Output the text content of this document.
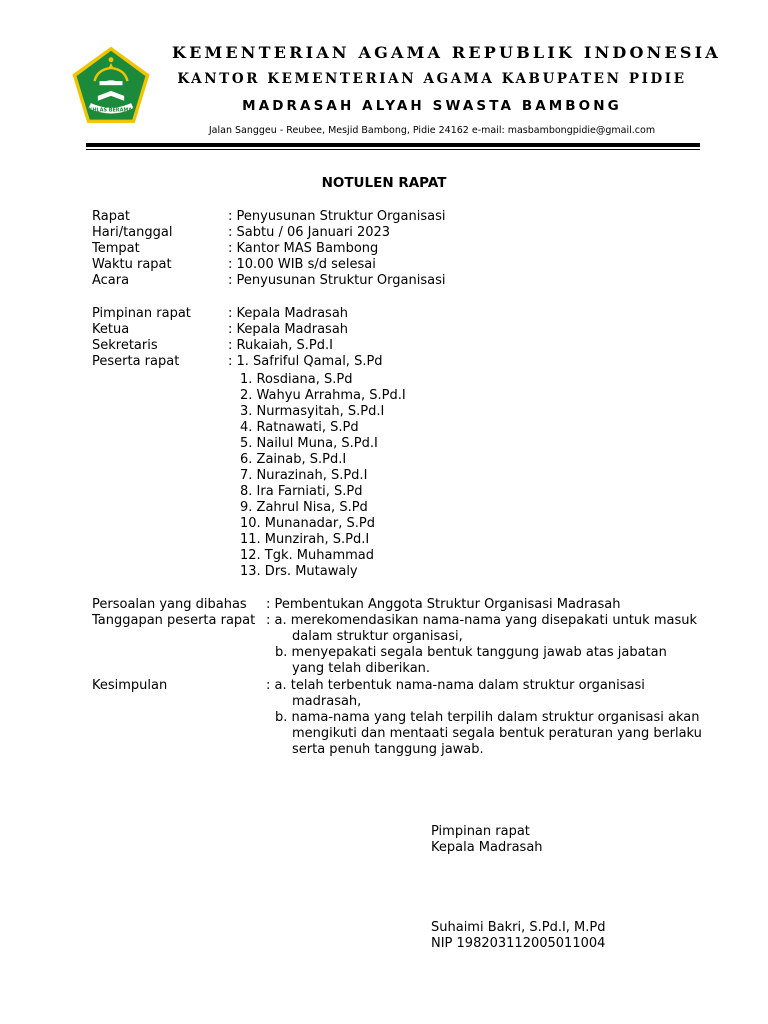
IKHLAS BERAMAL
KEMENTERIAN AGAMA REPUBLIK INDONESIA
KANTOR KEMENTERIAN AGAMA KABUPATEN PIDIE
MADRASAH ALYAH SWASTA BAMBONG
Jalan Sanggeu - Reubee, Mesjid Bambong, Pidie 24162 e-mail: masbambongpidie@gmail.com
NOTULEN RAPAT
Rapat	: Penyusunan Struktur Organisasi
Hari/tanggal	: Sabtu / 06 Januari 2023
Tempat	: Kantor MAS Bambong
Waktu rapat	: 10.00 WIB s/d selesai
Acara	: Penyusunan Struktur Organisasi
Pimpinan rapat	: Kepala Madrasah
Ketua	: Kepala Madrasah
Sekretaris	: Rukaiah, S.Pd.I
Peserta rapat	: 1. Safriful Qamal, S.Pd
1. Rosdiana, S.Pd
2. Wahyu Arrahma, S.Pd.I
3. Nurmasyitah, S.Pd.I
4. Ratnawati, S.Pd
5. Nailul Muna, S.Pd.I
6. Zainab, S.Pd.I
7. Nurazinah, S.Pd.I
8. Ira Farniati, S.Pd
9. Zahrul Nisa, S.Pd
10. Munanadar, S.Pd
11. Munzirah, S.Pd.I
12. Tgk. Muhammad
13. Drs. Mutawaly
Persoalan yang dibahas : Pembentukan Anggota Struktur Organisasi Madrasah
Tanggapan peserta rapat : a. merekomendasikan nama-nama yang disepakati untuk masuk
dalam struktur organisasi,
b. menyepakati segala bentuk tanggung jawab atas jabatan
yang telah diberikan.
Kesimpulan	: a. telah terbentuk nama-nama dalam struktur organisasi
madrasah,
b. nama-nama yang telah terpilih dalam struktur organisasi akan
mengikuti dan mentaati segala bentuk peraturan yang berlaku
serta penuh tanggung jawab.
Pimpinan rapat
Kepala Madrasah
Suhaimi Bakri, S.Pd.I, M.Pd
NIP 198203112005011004
